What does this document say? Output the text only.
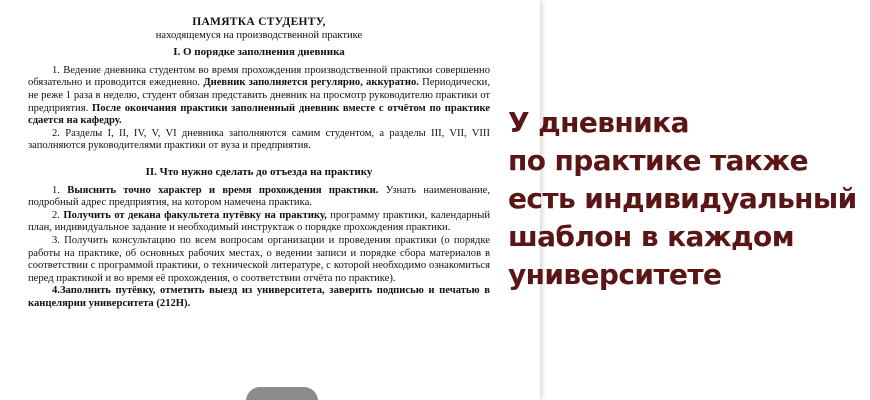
ПАМЯТКА СТУДЕНТУ,
находящемуся на производственной практике
I. О порядке заполнения дневника

1. Ведение дневника студентом во время прохождения производственной практики совершенно обязательно и проводится ежедневно. Дневник заполняется регулярно, аккуратно. Периодически, не реже 1 раза в неделю, студент обязан представить дневник на просмотр руководителю практики от предприятия. После окончания практики заполненный дневник вместе с отчётом по практике сдается на кафедру.

2. Разделы I, II, IV, V, VI дневника заполняются самим студентом, а разделы III, VII, VIII заполняются руководителями практики от вуза и предприятия.

II. Что нужно сделать до отъезда на практику

1. Выяснить точно характер и время прохождения практики. Узнать наименование, подробный адрес предприятия, на котором намечена практика.

2. Получить от декана факультета путёвку на практику, программу практики, календарный план, индивидуальное задание и необходимый инструктаж о порядке прохождения практики.

3. Получить консультацию по всем вопросам организации и проведения практики (о порядке работы на практике, об основных рабочих местах, о ведении записи и порядке сбора материалов в соответствии с программой практики, о технической литературе, с которой необходимо ознакомиться перед практикой и во время её прохождения, о соответствии отчёта по практике).

4.Заполнить путёвку, отметить выезд из университета, заверить подписью и печатью в канцелярии университета (212Н).

У дневника
по практике также
есть индивидуальный
шаблон в каждом
университете
